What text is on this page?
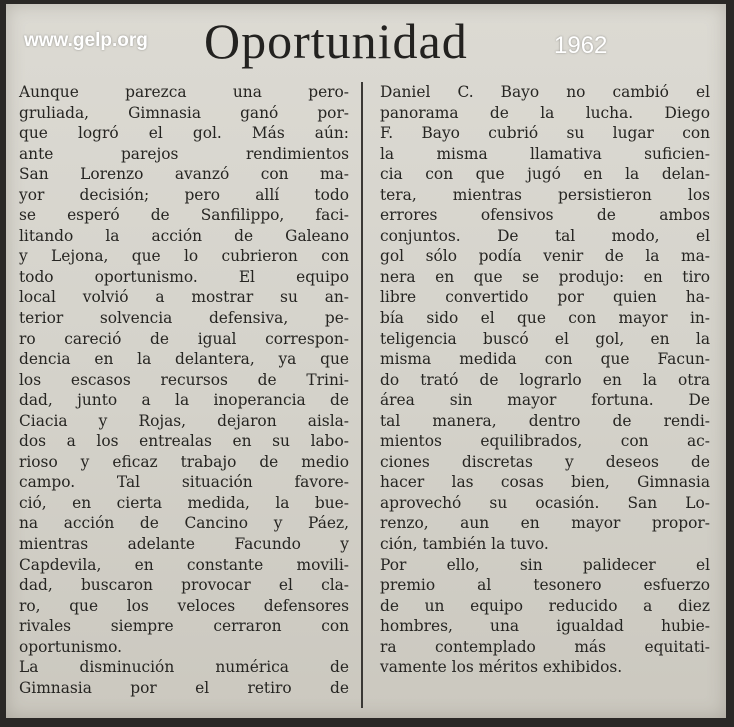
Oportunidad
www.gelp.org	1962
Aunque parezca una pero-
gruliada, Gimnasia ganó por-
que logró el gol. Más aún:
ante parejos rendimientos
San Lorenzo avanzó con ma-
yor decisión; pero allí todo
se esperó de Sanfilippo, faci-
litando la acción de Galeano
y Lejona, que lo cubrieron con
todo oportunismo. El equipo
local volvió a mostrar su an-
terior solvencia defensiva, pe-
ro careció de igual correspon-
dencia en la delantera, ya que
los escasos recursos de Trini-
dad, junto a la inoperancia de
Ciacia y Rojas, dejaron aisla-
dos a los entrealas en su labo-
rioso y eficaz trabajo de medio
campo. Tal situación favore-
ció, en cierta medida, la bue-
na acción de Cancino y Páez,
mientras adelante Facundo y
Capdevila, en constante movili-
dad, buscaron provocar el cla-
ro, que los veloces defensores
rivales siempre cerraron con
oportunismo.
La disminución numérica de
Gimnasia por el retiro de
Daniel C. Bayo no cambió el
panorama de la lucha. Diego
F. Bayo cubrió su lugar con
la misma llamativa suficien-
cia con que jugó en la delan-
tera, mientras persistieron los
errores ofensivos de ambos
conjuntos. De tal modo, el
gol sólo podía venir de la ma-
nera en que se produjo: en tiro
libre convertido por quien ha-
bía sido el que con mayor in-
teligencia buscó el gol, en la
misma medida con que Facun-
do trató de lograrlo en la otra
área sin mayor fortuna. De
tal manera, dentro de rendi-
mientos equilibrados, con ac-
ciones discretas y deseos de
hacer las cosas bien, Gimnasia
aprovechó su ocasión. San Lo-
renzo, aun en mayor propor-
ción, también la tuvo.
Por ello, sin palidecer el
premio al tesonero esfuerzo
de un equipo reducido a diez
hombres, una igualdad hubie-
ra contemplado más equitati-
vamente los méritos exhibidos.
